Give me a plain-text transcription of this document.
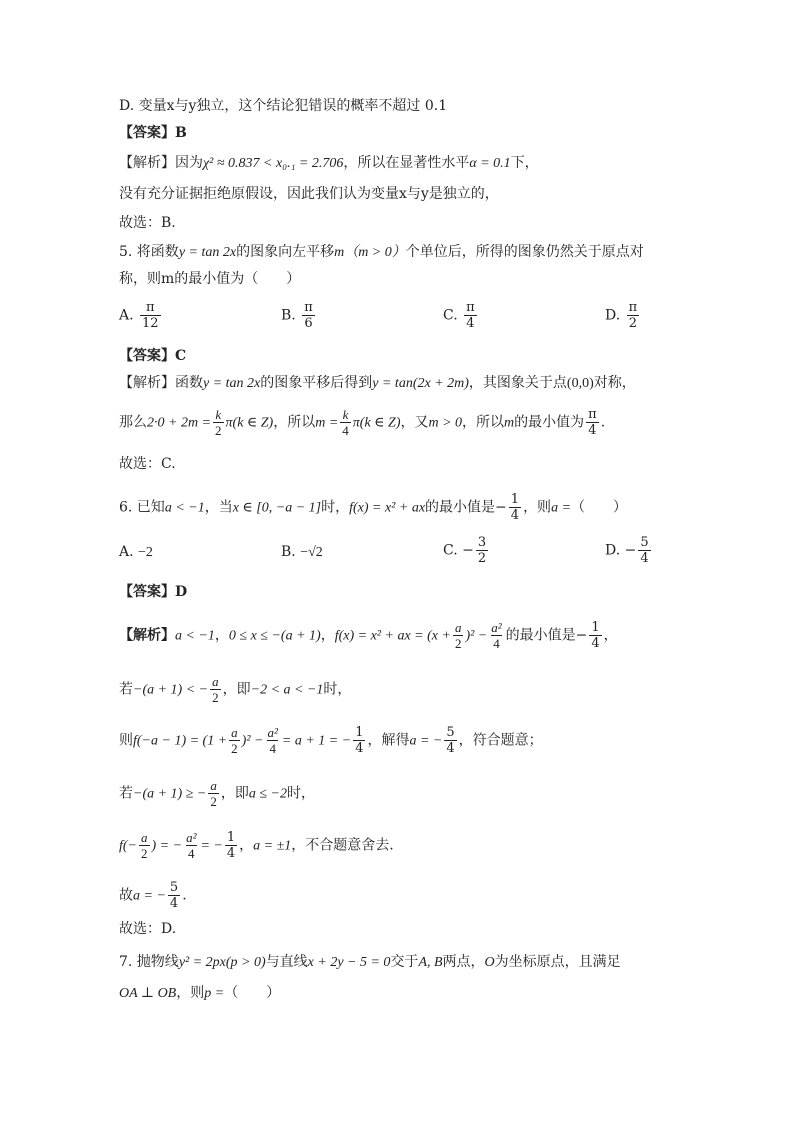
D. 变量x与y独立，这个结论犯错误的概率不超过 0.1
【答案】B
【解析】因为χ² ≈ 0.837 < x₀.₁ = 2.706，所以在显著性水平α = 0.1下，
没有充分证据拒绝原假设，因此我们认为变量x与y是独立的，
故选：B.
5. 将函数y = tan 2x的图象向左平移m（m > 0）个单位后，所得的图象仍然关于原点对
称，则m的最小值为（　　）
A. $\frac{\pi}{12}$	B. $\frac{\pi}{6}$	C. $\frac{\pi}{4}$	D. $\frac{\pi}{2}$
【答案】C
【解析】函数y = tan 2x的图象平移后得到y = tan(2x + 2m)，其图象关于点(0,0)对称，
那么$2\cdot 0 + 2m = \frac{k}{2} \pi(k$ ∈ Z)，所以$m = \frac{k}{4} \pi(k$ ∈ Z)，又m > 0，所以m的最小值为 $\frac{\pi}{4}$ .
故选：C.
6. 已知a < −1，当x ∈ [0, −a − 1]时，f(x) = x² + ax的最小值是− $\frac{1}{4}$ ，则a =（　　）
A. −2	B. −√2	C. − $\frac{3}{2}$	D. − $\frac{5}{4}$
【答案】D
【解析】a < −1，0 ≤ x ≤ −(a + 1)，f(x) = x² + ax = $(x + \frac{a}{2} )^2 - \frac{\text{a²}}{4}$ 的最小值是− $\frac{1}{4}$ ，
若−(a + 1) < − $\frac{a}{2}$ ，即−2 < a < −1时，
则$f(-a - 1) = (1 + \frac{a}{2} )^2 - \frac{\text{a²}}{4} = a + 1$ = − $\frac{1}{4}$ ，解得a = − $\frac{5}{4}$ ，符合题意；
若−(a + 1) ≥ − $\frac{a}{2}$ ，即a ≤ −2时，
$f(- \frac{a}{2}$ ) = − $\frac{\text{a²}}{4}$ = − $\frac{1}{4}$ ，a = ±1，不合题意舍去.
故a = − $\frac{5}{4}$ .
故选：D.
7. 抛物线y² = 2px(p > 0)与直线x + 2y − 5 = 0交于A, B两点，O为坐标原点，且满足
OA ⊥ OB，则p =（　　）
